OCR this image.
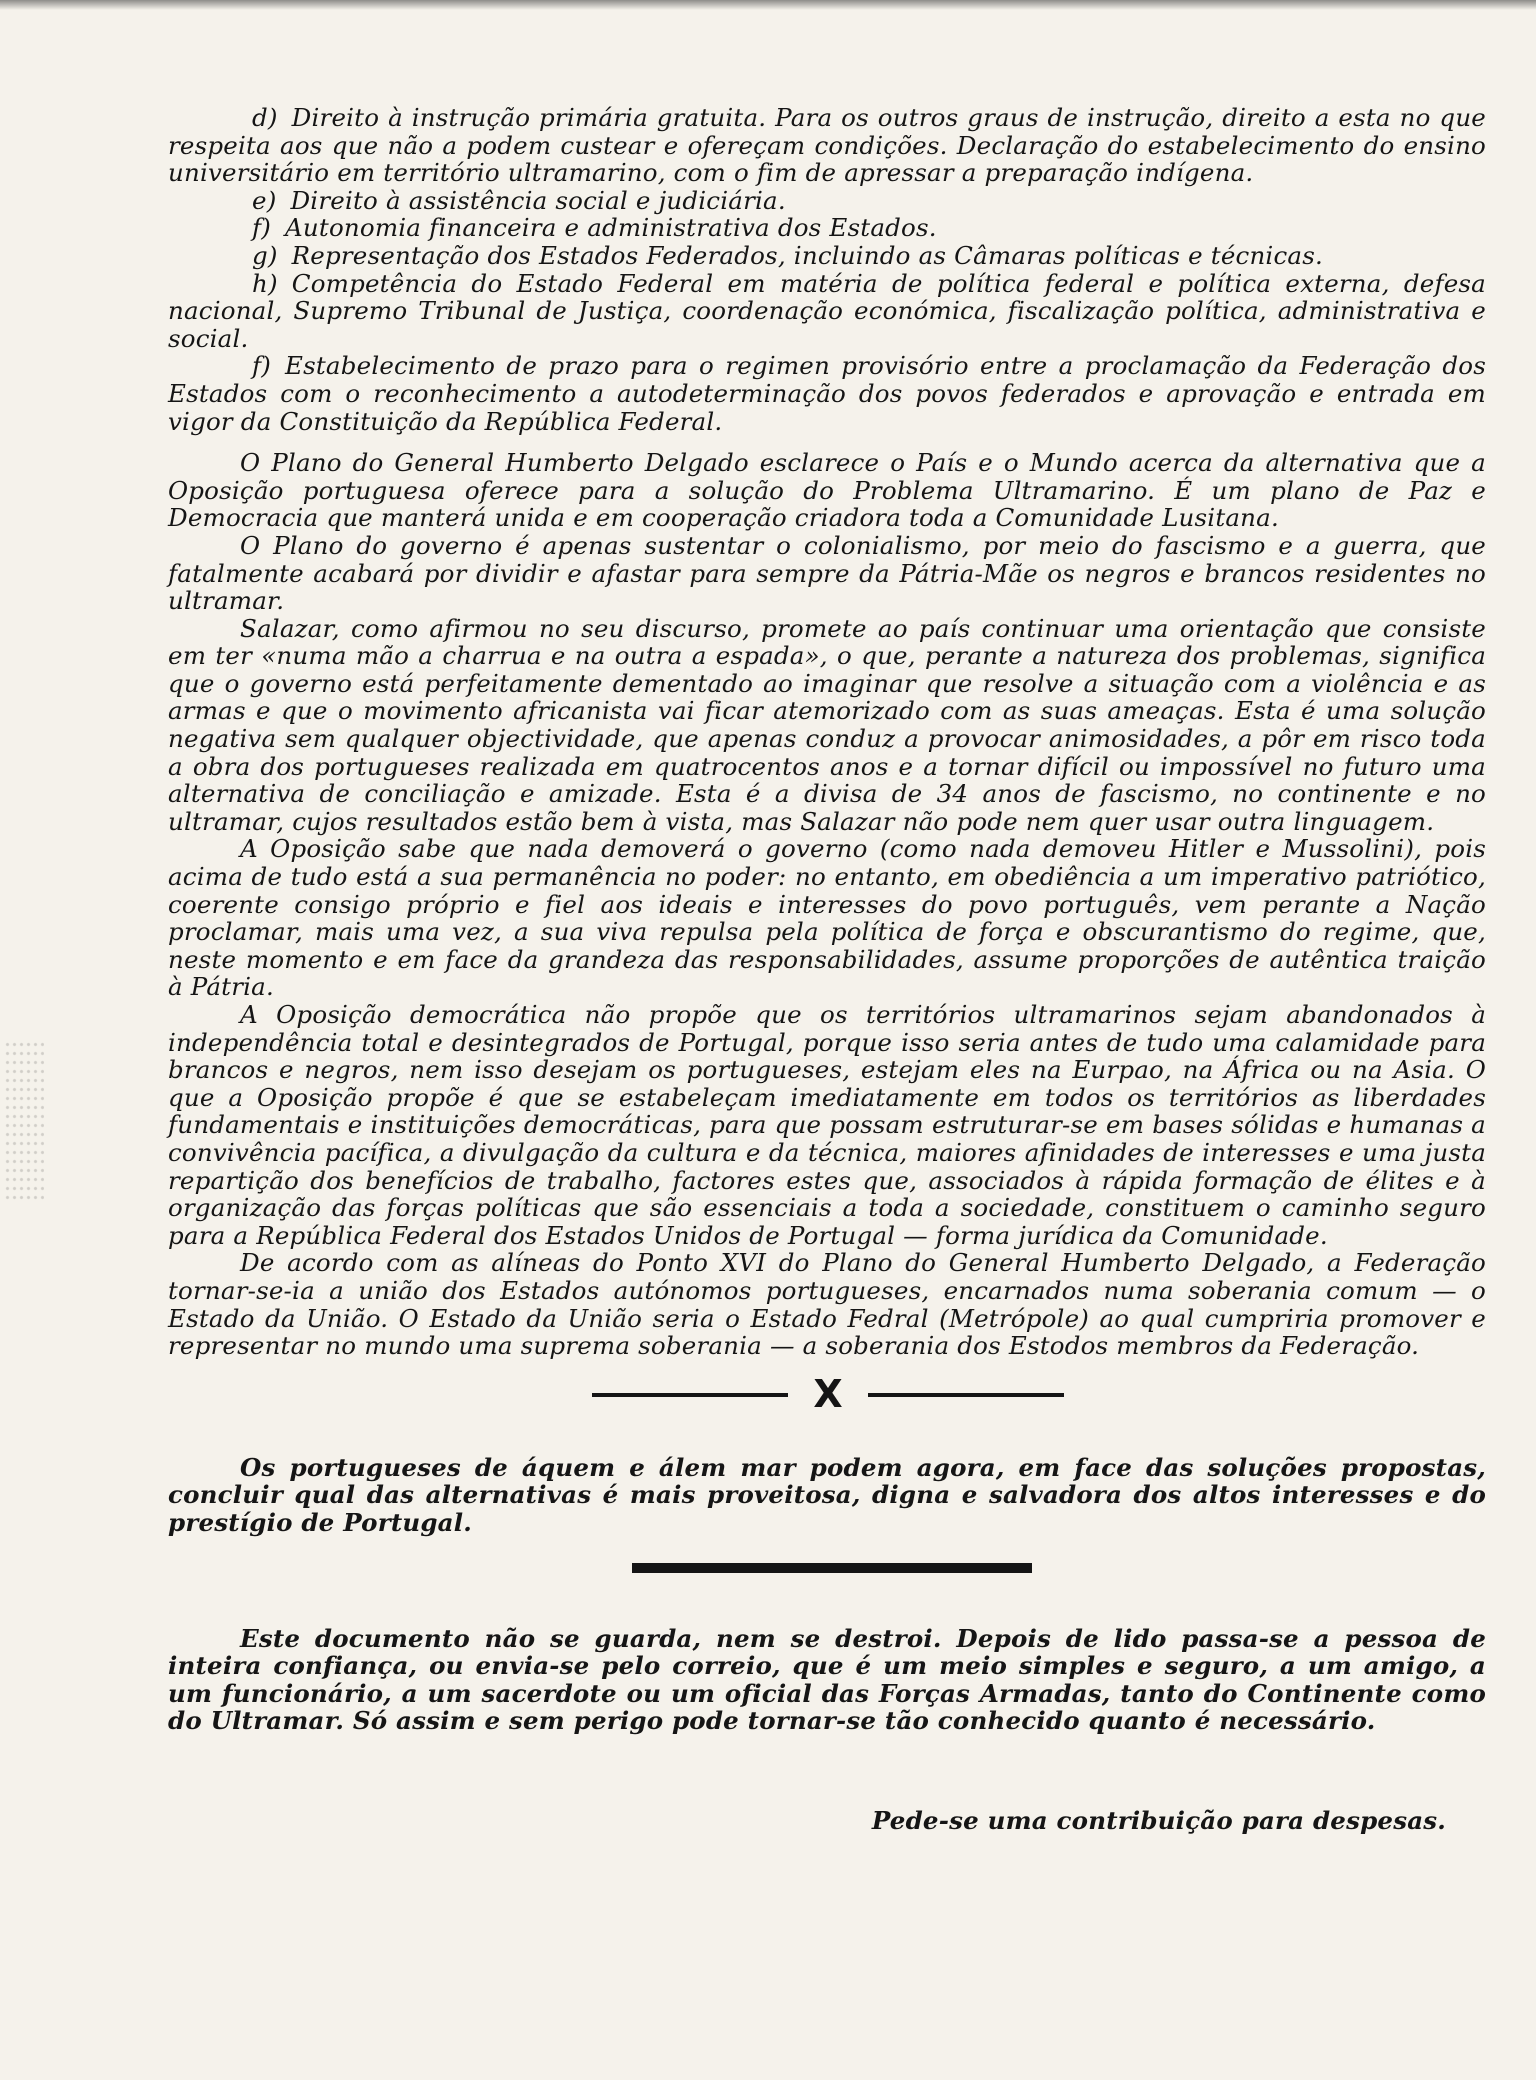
d) Direito à instrução primária gratuita. Para os outros graus de instrução, direito a esta no que respeita aos que não a podem custear e ofereçam condições. Declaração do estabelecimento do ensino universitário em território ultramarino, com o fim de apressar a preparação indígena.

e) Direito à assistência social e judiciária.

f) Autonomia financeira e administrativa dos Estados.

g) Representação dos Estados Federados, incluindo as Câmaras políticas e técnicas.

h) Competência do Estado Federal em matéria de política federal e política externa, defesa nacional, Supremo Tribunal de Justiça, coordenação económica, fiscalização política, administrativa e social.

f) Estabelecimento de prazo para o regimen provisório entre a proclamação da Federação dos Estados com o reconhecimento a autodeterminação dos povos federados e aprovação e entrada em vigor da Constituição da República Federal.

O Plano do General Humberto Delgado esclarece o País e o Mundo acerca da alternativa que a Oposição portuguesa oferece para a solução do Problema Ultramarino. É um plano de Paz e Democracia que manterá unida e em cooperação criadora toda a Comunidade Lusitana.

O Plano do governo é apenas sustentar o colonialismo, por meio do fascismo e a guerra, que fatalmente acabará por dividir e afastar para sempre da Pátria-Mãe os negros e brancos residentes no ultramar.

Salazar, como afirmou no seu discurso, promete ao país continuar uma orientação que consiste em ter «numa mão a charrua e na outra a espada», o que, perante a natureza dos problemas, significa que o governo está perfeitamente dementado ao imaginar que resolve a situação com a violência e as armas e que o movimento africanista vai ficar atemorizado com as suas ameaças. Esta é uma solução negativa sem qualquer objectividade, que apenas conduz a provocar animosidades, a pôr em risco toda a obra dos portugueses realizada em quatrocentos anos e a tornar difícil ou impossível no futuro uma alternativa de conciliação e amizade. Esta é a divisa de 34 anos de fascismo, no continente e no ultramar, cujos resultados estão bem à vista, mas Salazar não pode nem quer usar outra linguagem.

A Oposição sabe que nada demoverá o governo (como nada demoveu Hitler e Mussolini), pois acima de tudo está a sua permanência no poder: no entanto, em obediência a um imperativo patriótico, coerente consigo próprio e fiel aos ideais e interesses do povo português, vem perante a Nação proclamar, mais uma vez, a sua viva repulsa pela política de força e obscurantismo do regime, que, neste momento e em face da grandeza das responsabilidades, assume proporções de autêntica traição à Pátria.

A Oposição democrática não propõe que os territórios ultramarinos sejam abandonados à independência total e desintegrados de Portugal, porque isso seria antes de tudo uma calamidade para brancos e negros, nem isso desejam os portugueses, estejam eles na Eurpao, na África ou na Asia. O que a Oposição propõe é que se estabeleçam imediatamente em todos os territórios as liberdades fundamentais e instituições democráticas, para que possam estruturar-se em bases sólidas e humanas a convivência pacífica, a divulgação da cultura e da técnica, maiores afinidades de interesses e uma justa repartição dos benefícios de trabalho, factores estes que, associados à rápida formação de élites e à organização das forças políticas que são essenciais a toda a sociedade, constituem o caminho seguro para a República Federal dos Estados Unidos de Portugal — forma jurídica da Comunidade.

De acordo com as alíneas do Ponto XVI do Plano do General Humberto Delgado, a Federação tornar-se-ia a união dos Estados autónomos portugueses, encarnados numa soberania comum — o Estado da União. O Estado da União seria o Estado Fedral (Metrópole) ao qual cumpriria promover e representar no mundo uma suprema soberania — a soberania dos Estodos membros da Federação.

X

Os portugueses de áquem e álem mar podem agora, em face das soluções propostas, concluir qual das alternativas é mais proveitosa, digna e salvadora dos altos interesses e do prestígio de Portugal.

Este documento não se guarda, nem se destroi. Depois de lido passa-se a pessoa de inteira confiança, ou envia-se pelo correio, que é um meio simples e seguro, a um amigo, a um funcionário, a um sacerdote ou um oficial das Forças Armadas, tanto do Continente como do Ultramar. Só assim e sem perigo pode tornar-se tão conhecido quanto é necessário.

Pede-se uma contribuição para despesas.
